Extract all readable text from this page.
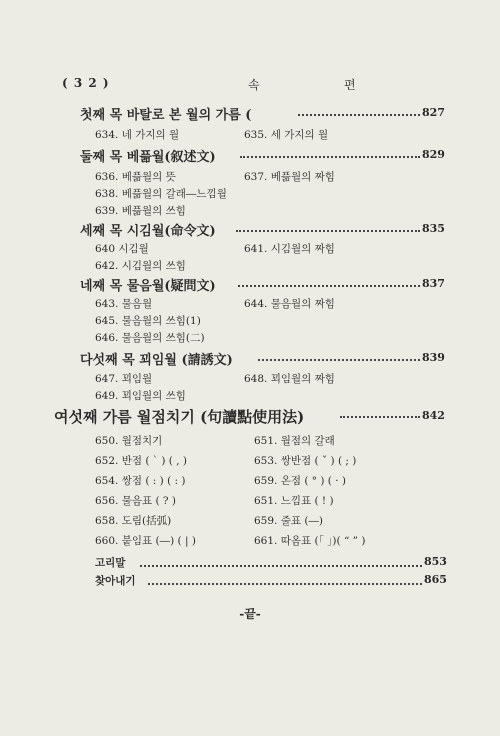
( 3 2 )	속	편
첫째 목 바탈로 본 월의 가름 (	827
634. 네 가지의 월	635. 세 가지의 월
둘째 목 베픎월(叙述文)	829
636. 베픎월의 뜻	637. 베픎월의 짜힘
638. 베픎월의 갈래―느낌월
639. 베픎월의 쓰힘
세째 목 시김월(命令文)	835
640 시김월	641. 시김월의 짜힘
642. 시김월의 쓰힘
네째 목 물음월(疑問文)	837
643. 물음월	644. 물음월의 짜힘
645. 물음월의 쓰힘(1)
646. 물음월의 쓰힘(二)
다섯째 목 꾀임월 (請誘文)	839
647. 꾀임월	648. 꾀임월의 짜힘
649. 꾀임월의 쓰힘
여섯째 가름 월점치기 (句讀點使用法)	842
650. 월점치기	651. 월점의 갈래
652. 반점 ( ˋ ) ( , )	653. 쌍반점 ( ˇ ) ( ; )
654. 쌍점 ( : ) ( : )	659. 온점 ( ° ) ( · )
656. 물음표 ( ? )	651. 느낌표 ( ! )
658. 도림(括弧)	659. 줄표 (―)
660. 붙임표 (―) ( | )	661. 따옴표 (「 」)( “ ” )
고리말	853
찾아내기	865
-끝-
